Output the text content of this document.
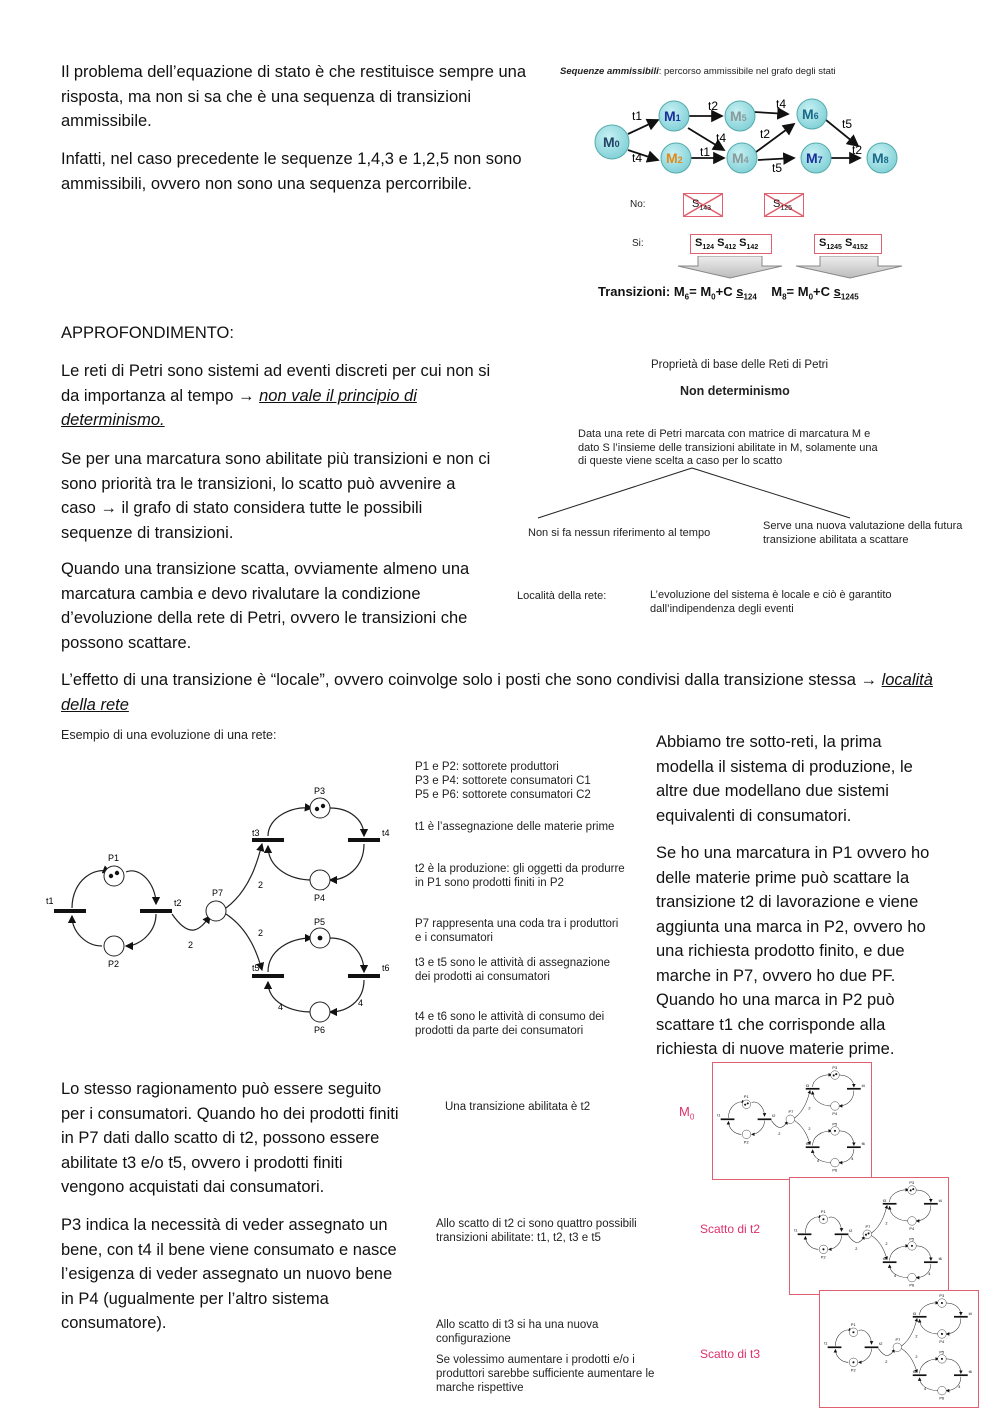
Il problema dell’equazione di stato è che restituisce sempre una risposta, ma non si sa che è una sequenza di transizioni ammissibile.

Infatti, nel caso precedente le sequenze 1,4,3 e 1,2,5 non sono ammissibili, ovvero non sono una sequenza percorribile.

Sequenze ammissibili: percorso ammissibile nel grafo degli stati
t1
t4
t2
t4
t1
t4
t2
t5
t5
t2
M0
M1
M2
M5
M4
M6
M7	M8
No:	$S_{143}$	$S_{125}$
Si:	$S_{124}$ $S_{412}$ $S_{142}$	$S_{1245}$ $S_{4152}$
Transizioni: $M_6= M_0+C$ $s_{124}$    $M_8= M_0+C$ $s_{1245}$

APPROFONDIMENTO:

Le reti di Petri sono sistemi ad eventi discreti per cui non si da importanza al tempo → non vale il principio di determinismo.

Se per una marcatura sono abilitate più transizioni e non ci sono priorità tra le transizioni, lo scatto può avvenire a caso → il grafo di stato considera tutte le possibili sequenze di transizioni.

Quando una transizione scatta, ovviamente almeno una marcatura cambia e devo rivalutare la condizione d’evoluzione della rete di Petri, ovvero le transizioni che possono scattare.

L’effetto di una transizione è “locale”, ovvero coinvolge solo i posti che sono condivisi dalla transizione stessa → località della rete

Proprietà di base delle Reti di Petri
Non determinismo
Data una rete di Petri marcata con matrice di marcatura M e dato S l’insieme delle transizioni abilitate in M, solamente una di queste viene scelta a caso per lo scatto
Non si fa nessun riferimento al tempo
Serve una nuova valutazione della futura transizione abilitata a scattare
Località della rete:	L’evoluzione del sistema è locale e ciò è garantito dall’indipendenza degli eventi
Esempio di una evoluzione di una rete:
P1
P2
t1	t2
2
P7
2
2
P3
P4
t3	t4
P5
P6
t5	t6
4	4
P1 e P2: sottorete produttori
P3 e P4: sottorete consumatori C1
P5 e P6: sottorete consumatori C2
t1 è l’assegnazione delle materie prime
t2 è la produzione: gli oggetti da produrre in P1 sono prodotti finiti in P2
P7 rappresenta una coda tra i produttori e i consumatori
t3 e t5 sono le attività di assegnazione dei prodotti ai consumatori
t4 e t6 sono le attività di consumo dei prodotti da parte dei consumatori

Abbiamo tre sotto-reti, la prima modella il sistema di produzione, le altre due modellano due sistemi equivalenti di consumatori.

Se ho una marcatura in P1 ovvero ho delle materie prime può scattare la transizione t2 di lavorazione e viene aggiunta una marca in P2, ovvero ho una richiesta prodotto finito, e due marche in P7, ovvero ho due PF. Quando ho una marca in P2 può scattare t1 che corrisponde alla richiesta di nuove materie prime.

Lo stesso ragionamento può essere seguito per i consumatori. Quando ho dei prodotti finiti in P7 dati dallo scatto di t2, possono essere abilitate t3 e/o t5, ovvero i prodotti finiti vengono acquistati dai consumatori.

P3 indica la necessità di veder assegnato un bene, con t4 il bene viene consumato e nasce l’esigenza di veder assegnato un nuovo bene in P4 (ugualmente per l’altro sistema consumatore).

Una transizione abilitata è t2	$M_0$
Allo scatto di t2 ci sono quattro possibili transizioni abilitate: t1, t2, t3 e t5
Scatto di t2
Allo scatto di t3 si ha una nuova configurazione
Se volessimo aumentare i prodotti e/o i produttori sarebbe sufficiente aumentare le marche rispettive
Scatto di t3
P1
P2
t1	t2
2
P7
2
2
P3
P4
t3	t4
P5
P6
t5	t6
4	4
P1
P2
t1	t2
2
P7
2
2
P3
P4
t3	t4
P5
P6
t5	t6
4	4
P1
P2
t1	t2
2
P7
2
2
P3
P4
t3	t4
P5
P6
t5	t6
4	4
